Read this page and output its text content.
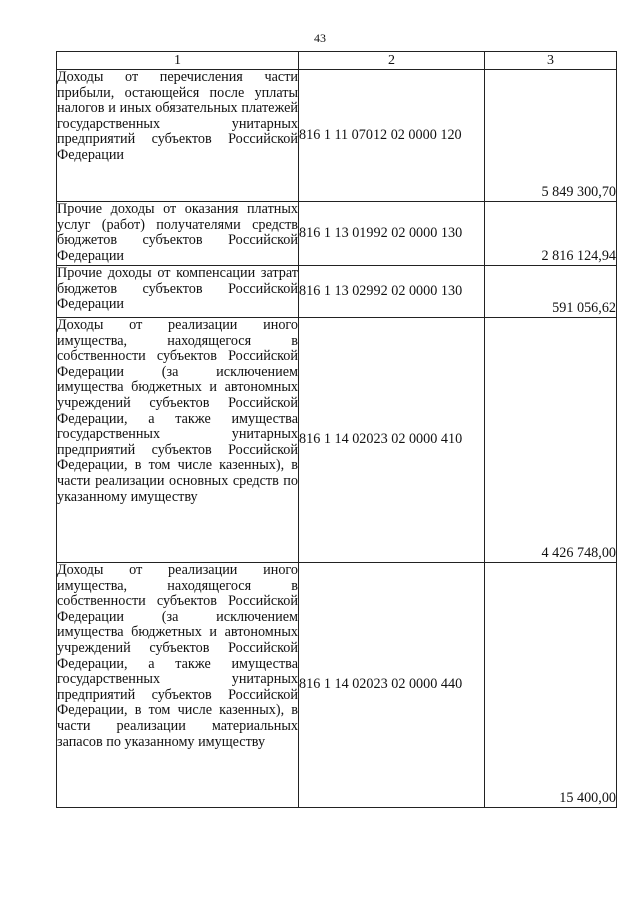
43
1	2	3
Доходы от перечисления части прибыли, остающейся после уплаты налогов и иных обязательных платежей государственных унитарных предприятий субъектов Российской Федерации	816 1 11 07012 02 0000 120	5 849 300,70
Прочие доходы от оказания платных услуг (работ) получателями средств бюджетов субъектов Российской Федерации	816 1 13 01992 02 0000 130	2 816 124,94
Прочие доходы от компенсации затрат бюджетов субъектов Российской Федерации	816 1 13 02992 02 0000 130	591 056,62
Доходы от реализации иного имущества, находящегося в собственности субъектов Российской Федерации (за исключением имущества бюджетных и автономных учреждений субъектов Российской Федерации, а также имущества государственных унитарных предприятий субъектов Российской Федерации, в том числе казенных), в части реализации основных средств по указанному имуществу	816 1 14 02023 02 0000 410	4 426 748,00
Доходы от реализации иного имущества, находящегося в собственности субъектов Российской Федерации (за исключением имущества бюджетных и автономных учреждений субъектов Российской Федерации, а также имущества государственных унитарных предприятий субъектов Российской Федерации, в том числе казенных), в части реализации материальных запасов по указанному имуществу	816 1 14 02023 02 0000 440	15 400,00
